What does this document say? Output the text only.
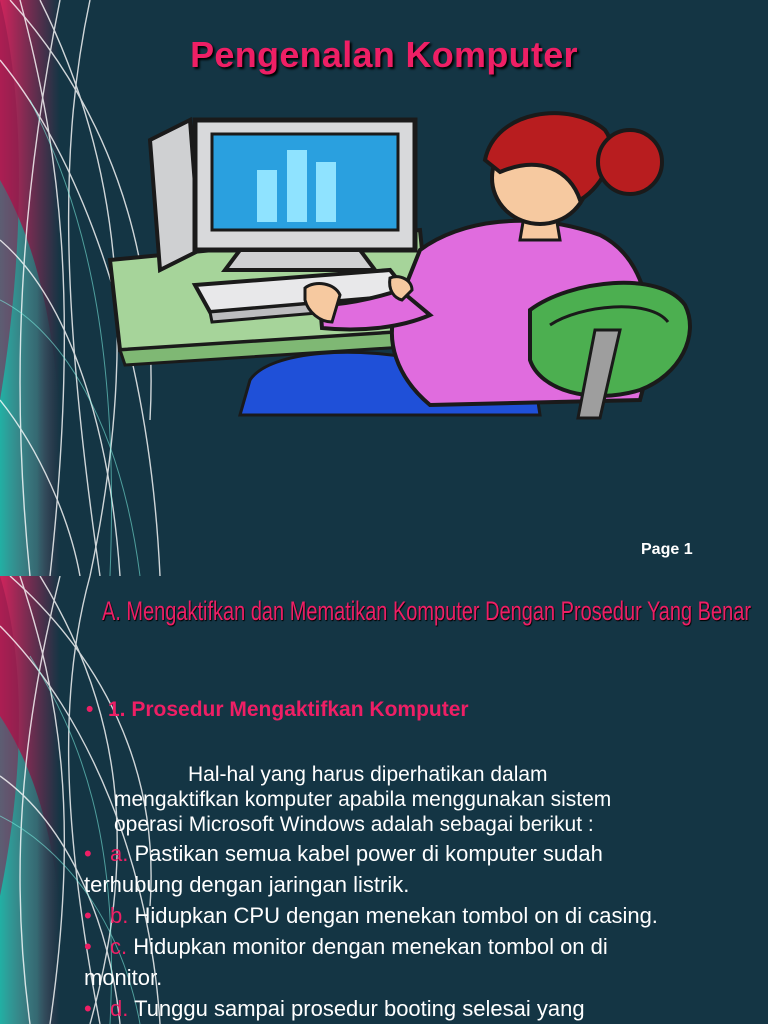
Pengenalan Komputer
Page 1
A. Mengaktifkan dan Mematikan Komputer Dengan Prosedur Yang Benar
• 1. Prosedur Mengaktifkan Komputer
Hal-hal yang harus diperhatikan dalam
mengaktifkan komputer apabila menggunakan sistem
operasi Microsoft Windows adalah sebagai berikut :
• a. Pastikan semua kabel power di komputer sudah
terhubung dengan jaringan listrik.
• b. Hidupkan CPU dengan menekan tombol on di casing.
• c. Hidupkan monitor dengan menekan tombol on di
monitor.
• d. Tunggu sampai prosedur booting selesai yang
